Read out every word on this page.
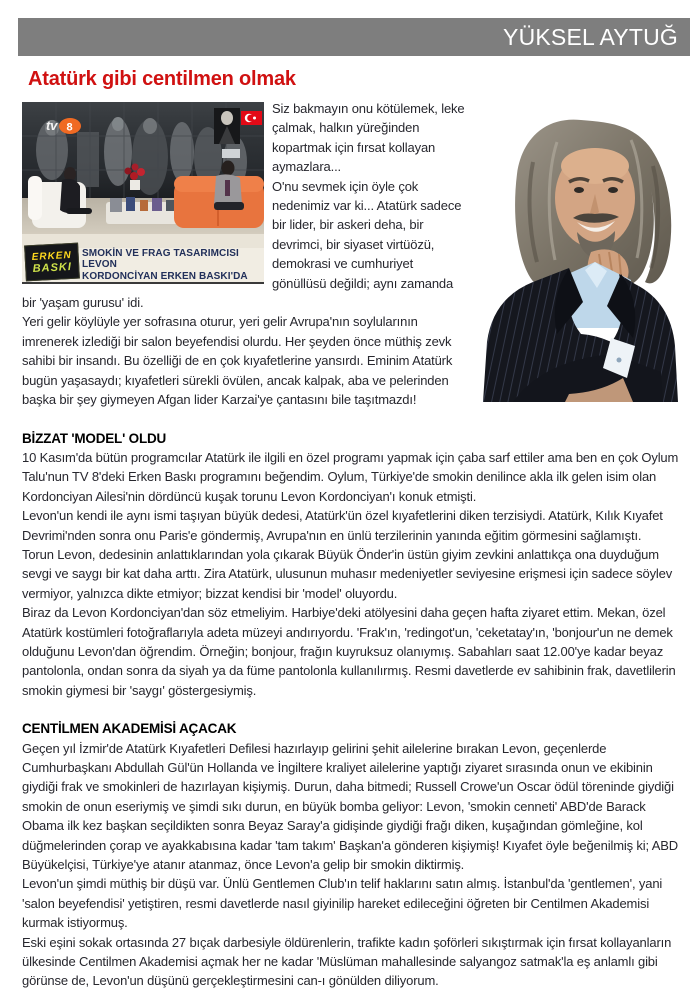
YÜKSEL AYTUĞ
Atatürk gibi centilmen olmak
tv 8
ERKEN
BASKI
SMOKİN VE FRAG TASARIMCISI LEVON
KORDONCİYAN ERKEN BASKI'DA

Siz bakmayın onu kötülemek, leke çalmak, halkın yüreğinden kopartmak için fırsat kollayan aymazlara...

O'nu sevmek için öyle çok nedenimiz var ki... Atatürk sadece bir lider, bir askeri deha, bir devrimci, bir siyaset virtüözü, demokrasi ve cumhuriyet gönüllüsü değildi; aynı zamanda bir 'yaşam gurusu' idi.

Yeri gelir köylüyle yer sofrasına oturur, yeri gelir Avrupa'nın soylularının imrenerek izlediği bir salon beyefendisi olurdu. Her şeyden önce müthiş zevk sahibi bir insandı. Bu özelliği de en çok kıyafetlerine yansırdı. Eminim Atatürk bugün yaşasaydı; kıyafetleri sürekli övülen, ancak kalpak, aba ve pelerinden başka bir şey giymeyen Afgan lider Karzai'ye çantasını bile taşıtmazdı!

BİZZAT 'MODEL' OLDU

10 Kasım'da bütün programcılar Atatürk ile ilgili en özel programı yapmak için çaba sarf ettiler ama ben en çok Oylum Talu'nun TV 8'deki Erken Baskı programını beğendim. Oylum, Türkiye'de smokin denilince akla ilk gelen isim olan Kordonciyan Ailesi'nin dördüncü kuşak torunu Levon Kordonciyan'ı konuk etmişti.

Levon'un kendi ile aynı ismi taşıyan büyük dedesi, Atatürk'ün özel kıyafetlerini diken terzisiydi. Atatürk, Kılık Kıyafet Devrimi'nden sonra onu Paris'e göndermiş, Avrupa'nın en ünlü terzilerinin yanında eğitim görmesini sağlamıştı.

Torun Levon, dedesinin anlattıklarından yola çıkarak Büyük Önder'in üstün giyim zevkini anlattıkça ona duyduğum sevgi ve saygı bir kat daha arttı. Zira Atatürk, ulusunun muhasır medeniyetler seviyesine erişmesi için sadece söylev vermiyor, yalnızca dikte etmiyor; bizzat kendisi bir 'model' oluyordu.

Biraz da Levon Kordonciyan'dan söz etmeliyim. Harbiye'deki atölyesini daha geçen hafta ziyaret ettim. Mekan, özel Atatürk kostümleri fotoğraflarıyla adeta müzeyi andırıyordu. 'Frak'ın, 'redingot'un, 'ceketatay'ın, 'bonjour'un ne demek olduğunu Levon'dan öğrendim. Örneğin; bonjour, frağın kuyruksuz olanıymış. Sabahları saat 12.00'ye kadar beyaz pantolonla, ondan sonra da siyah ya da füme pantolonla kullanılırmış. Resmi davetlerde ev sahibinin frak, davetlilerin smokin giymesi bir 'saygı' göstergesiymiş.

CENTİLMEN AKADEMİSİ AÇACAK

Geçen yıl İzmir'de Atatürk Kıyafetleri Defilesi hazırlayıp gelirini şehit ailelerine bırakan Levon, geçenlerde Cumhurbaşkanı Abdullah Gül'ün Hollanda ve İngiltere kraliyet ailelerine yaptığı ziyaret sırasında onun ve ekibinin giydiği frak ve smokinleri de hazırlayan kişiymiş. Durun, daha bitmedi; Russell Crowe'un Oscar ödül töreninde giydiği smokin de onun eseriymiş ve şimdi sıkı durun, en büyük bomba geliyor: Levon, 'smokin cenneti' ABD'de Barack Obama ilk kez başkan seçildikten sonra Beyaz Saray'a gidişinde giydiği frağı diken, kuşağından gömleğine, kol düğmelerinden çorap ve ayakkabısına kadar 'tam takım' Başkan'a gönderen kişiymiş! Kıyafet öyle beğenilmiş ki; ABD Büyükelçisi, Türkiye'ye atanır atanmaz, önce Levon'a gelip bir smokin diktirmiş.

Levon'un şimdi müthiş bir düşü var. Ünlü Gentlemen Club'ın telif haklarını satın almış. İstanbul'da 'gentlemen', yani 'salon beyefendisi' yetiştiren, resmi davetlerde nasıl giyinilip hareket edileceğini öğreten bir Centilmen Akademisi kurmak istiyormuş.

Eski eşini sokak ortasında 27 bıçak darbesiyle öldürenlerin, trafikte kadın şoförleri sıkıştırmak için fırsat kollayanların ülkesinde Centilmen Akademisi açmak her ne kadar 'Müslüman mahallesinde salyangoz satmak'la eş anlamlı gibi görünse de, Levon'un düşünü gerçekleştirmesini can-ı gönülden diliyorum.
